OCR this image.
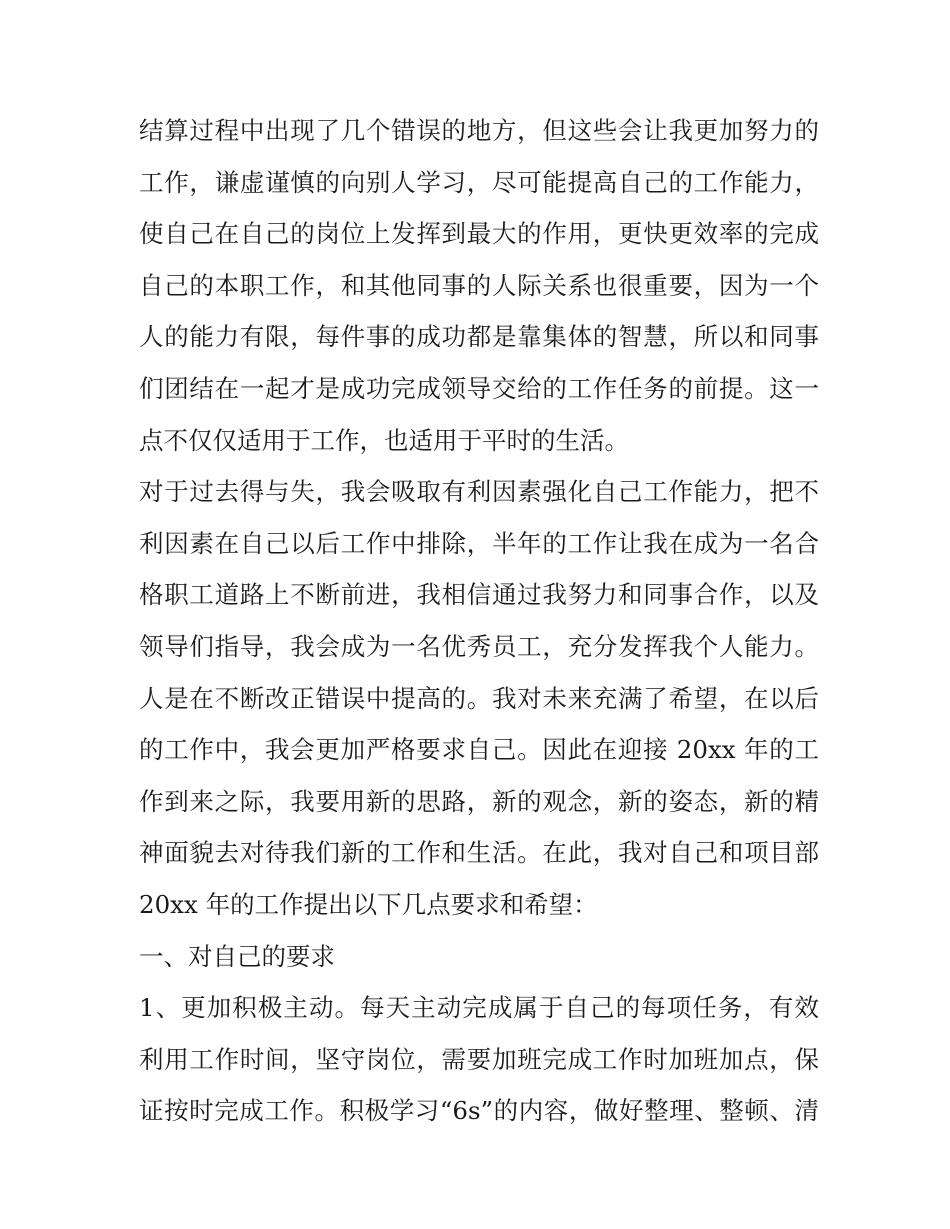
结算过程中出现了几个错误的地方，但这些会让我更加努力的
工作，谦虚谨慎的向别人学习，尽可能提高自己的工作能力，
使自己在自己的岗位上发挥到最大的作用，更快更效率的完成
自己的本职工作，和其他同事的人际关系也很重要，因为一个
人的能力有限，每件事的成功都是靠集体的智慧，所以和同事
们团结在一起才是成功完成领导交给的工作任务的前提。这一
点不仅仅适用于工作，也适用于平时的生活。
对于过去得与失，我会吸取有利因素强化自己工作能力，把不
利因素在自己以后工作中排除，半年的工作让我在成为一名合
格职工道路上不断前进，我相信通过我努力和同事合作，以及
领导们指导，我会成为一名优秀员工，充分发挥我个人能力。
人是在不断改正错误中提高的。我对未来充满了希望，在以后
的工作中，我会更加严格要求自己。因此在迎接 20xx 年的工
作到来之际，我要用新的思路，新的观念，新的姿态，新的精
神面貌去对待我们新的工作和生活。在此，我对自己和项目部
20xx 年的工作提出以下几点要求和希望：
一、对自己的要求
1、更加积极主动。每天主动完成属于自己的每项任务，有效
利用工作时间，坚守岗位，需要加班完成工作时加班加点，保
证按时完成工作。积极学习“6s”的内容，做好整理、整顿、清
